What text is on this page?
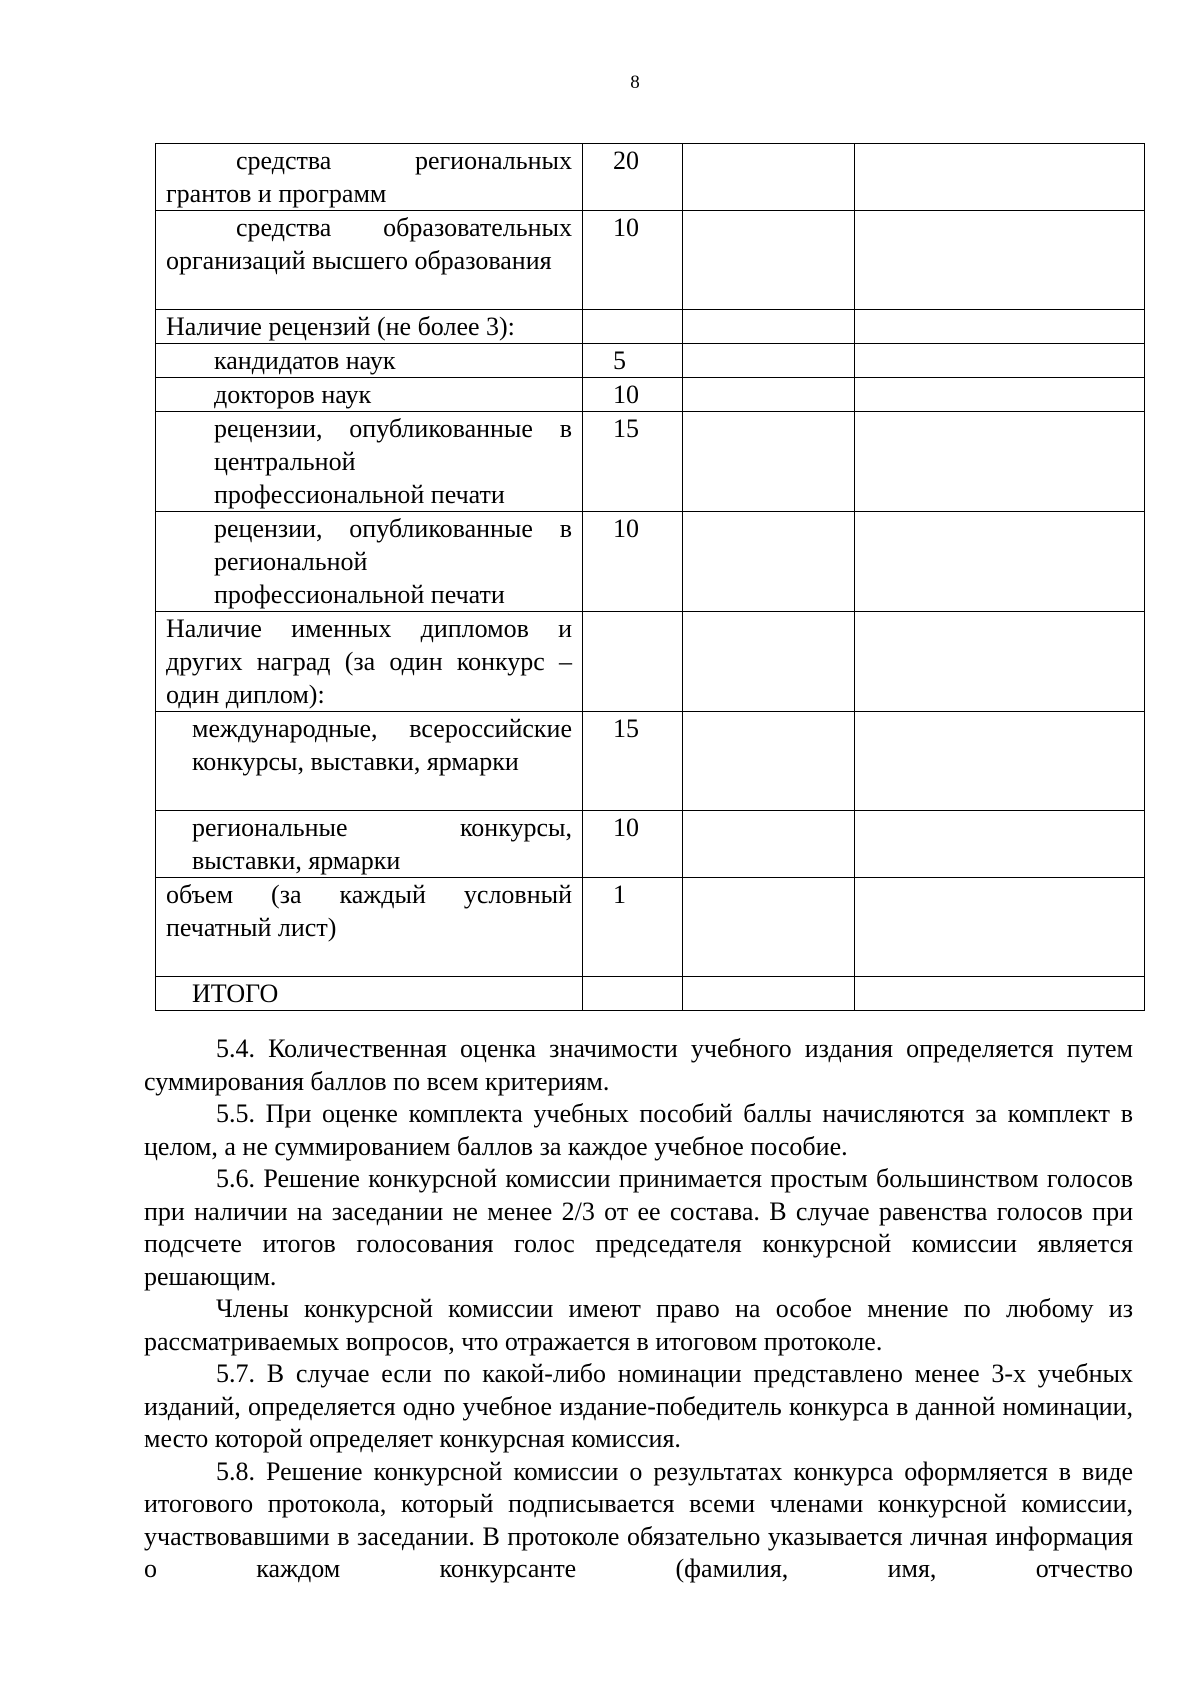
8
средства региональных грантов и программ	20		
средства образовательных организаций высшего образования	10		
Наличие рецензий (не более 3):			
кандидатов наук	5		
докторов наук	10		
рецензии, опубликованные в центральной профессиональной печати	15		
рецензии, опубликованные в региональной профессиональной печати	10		
Наличие именных дипломов и других наград (за один конкурс – один диплом):			
международные, всероссийские конкурсы, выставки, ярмарки	15		
региональные конкурсы, выставки, ярмарки	10		
объем (за каждый условный печатный лист)	1		
ИТОГО			

5.4. Количественная оценка значимости учебного издания определяется путем суммирования баллов по всем критериям.

5.5. При оценке комплекта учебных пособий баллы начисляются за комплект в целом, а не суммированием баллов за каждое учебное пособие.

5.6. Решение конкурсной комиссии принимается простым большинством голосов при наличии на заседании не менее 2/3 от ее состава. В случае равенства голосов при подсчете итогов голосования голос председателя конкурсной комиссии является решающим.

Члены конкурсной комиссии имеют право на особое мнение по любому из рассматриваемых вопросов, что отражается в итоговом протоколе.

5.7. В случае если по какой-либо номинации представлено менее 3-х учебных изданий, определяется одно учебное издание-победитель конкурса в данной номинации, место которой определяет конкурсная комиссия.

5.8. Решение конкурсной комиссии о результатах конкурса оформляется в виде итогового протокола, который подписывается всеми членами конкурсной комиссии, участвовавшими в заседании. В протоколе обязательно указывается личная информация о каждом конкурсанте (фамилия, имя, отчество
